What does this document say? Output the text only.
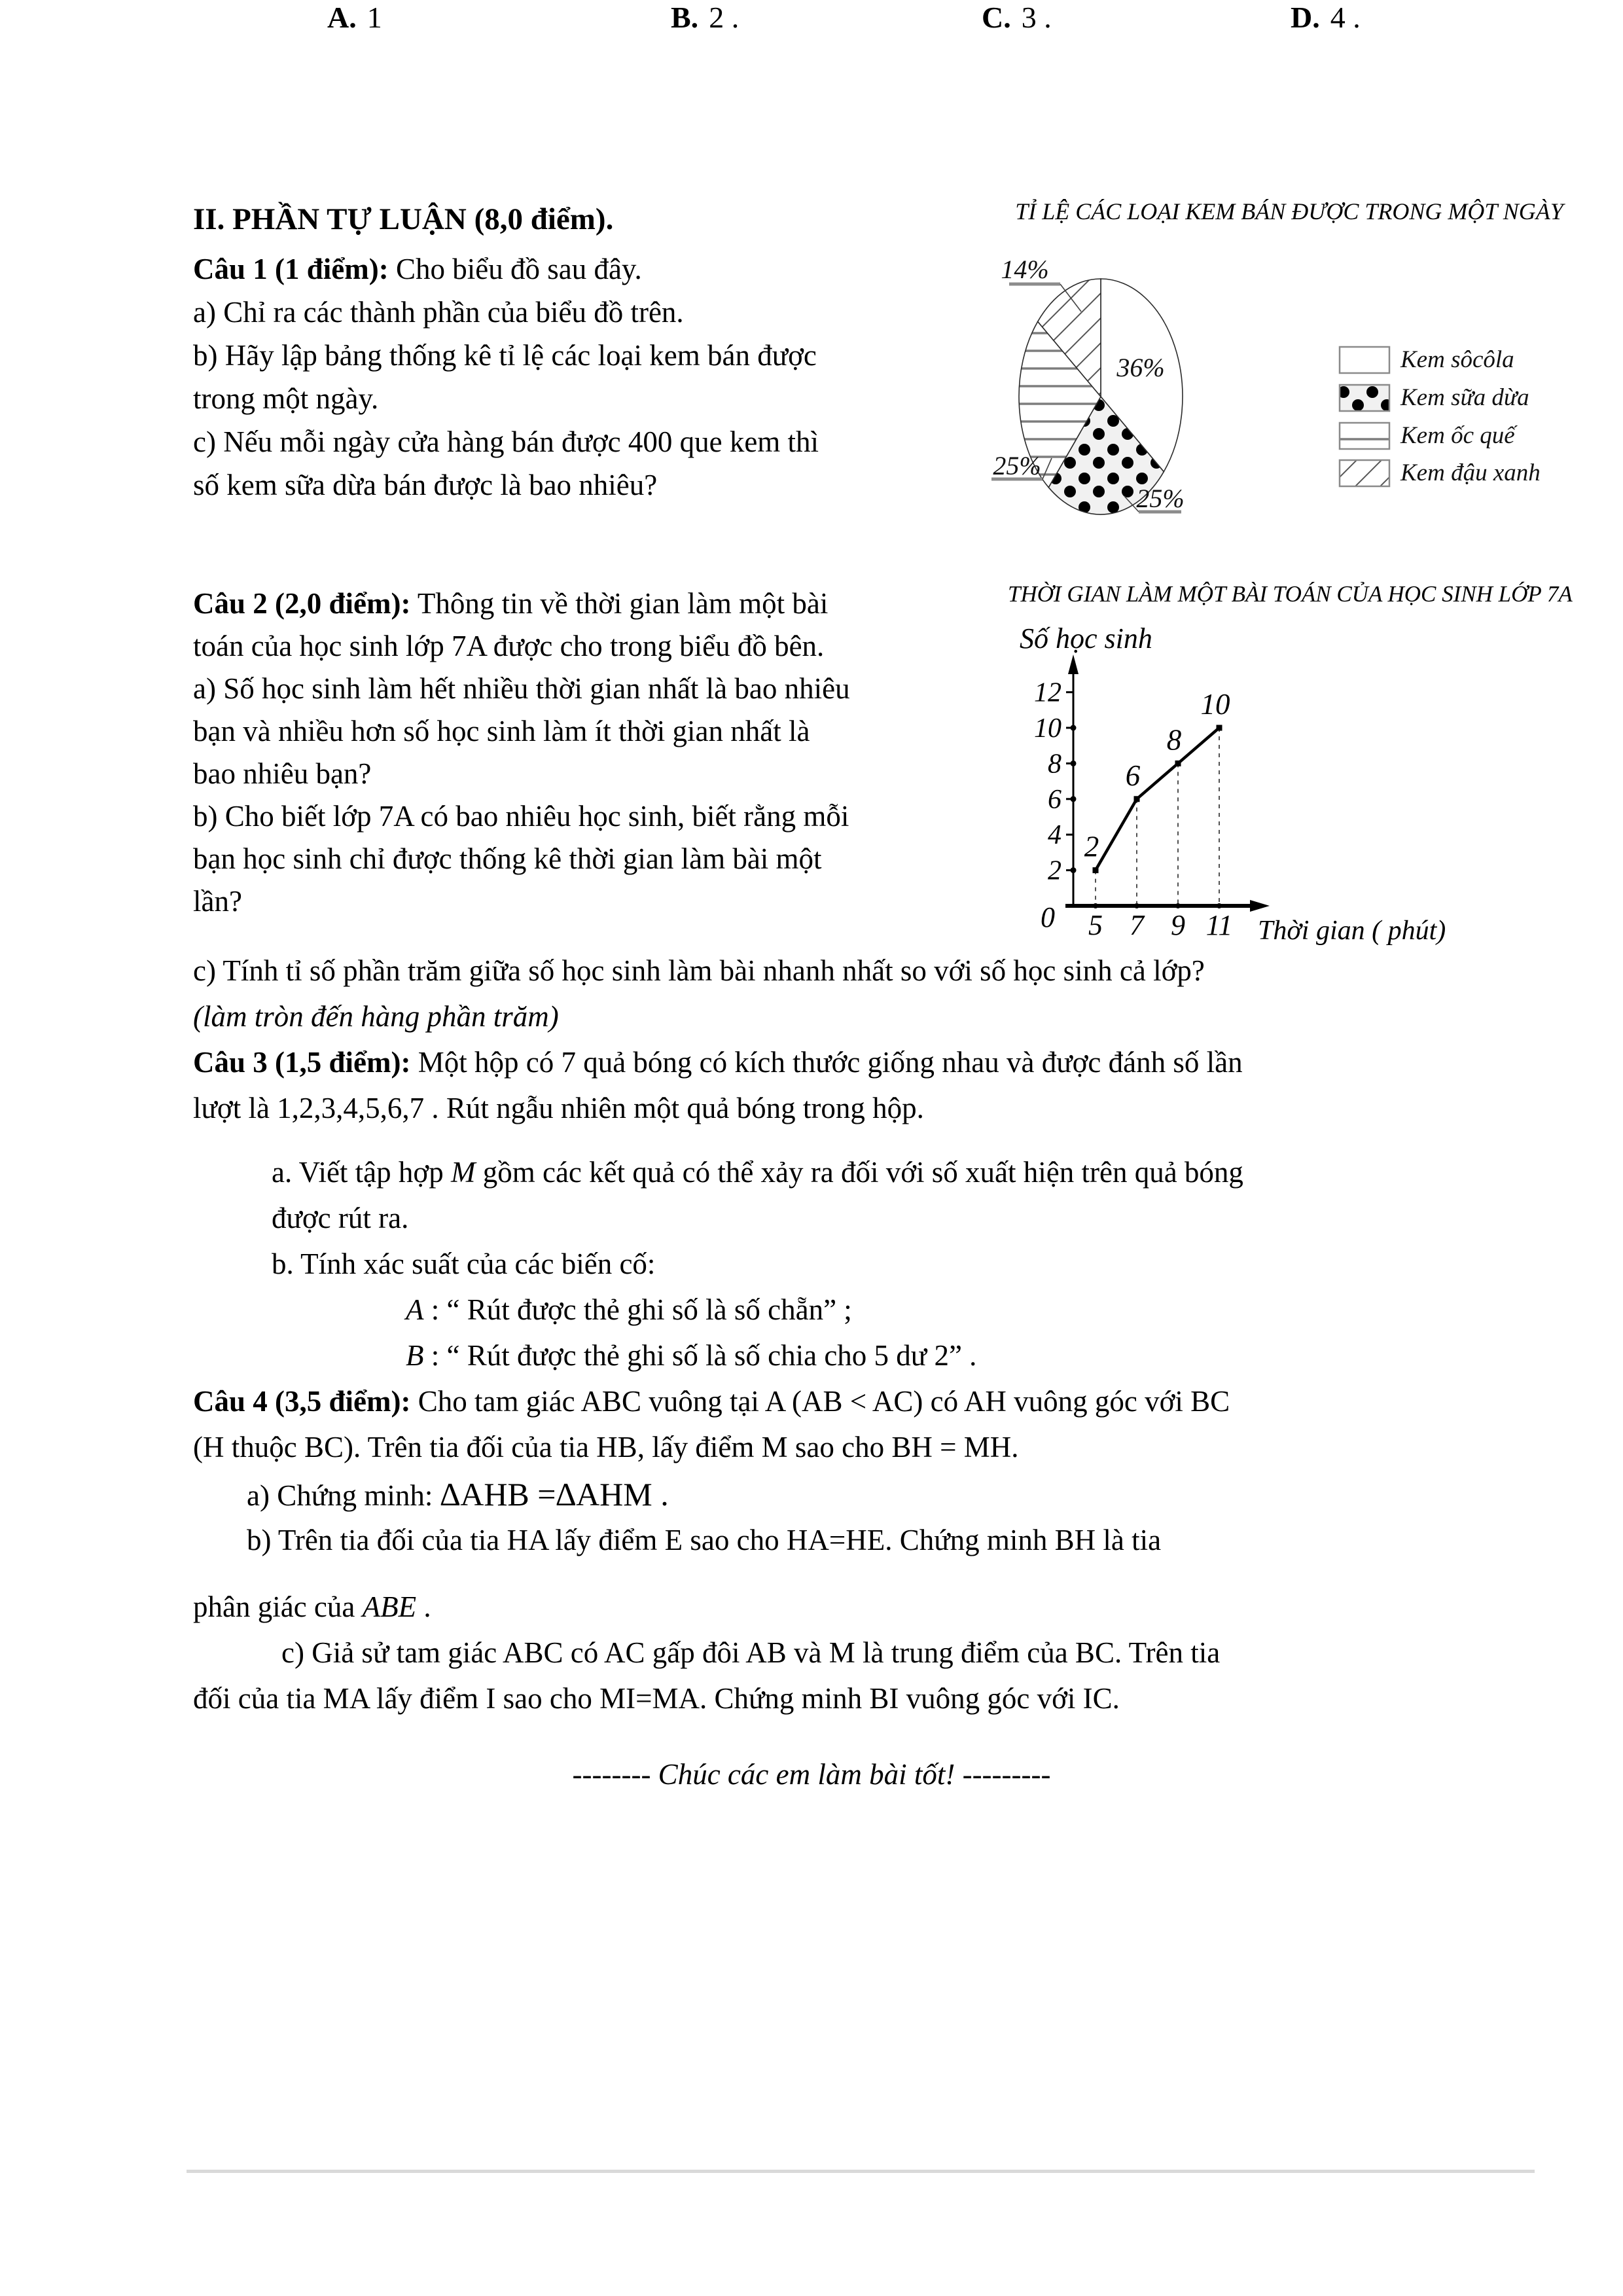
A. 1	B. 2 .	C. 3 .	D. 4 .
II. PHẦN TỰ LUẬN (8,0 điểm).
Câu 1 (1 điểm): Cho biểu đồ sau đây.
a) Chỉ ra các thành phần của biểu đồ trên.
b) Hãy lập bảng thống kê tỉ lệ các loại kem bán được
trong một ngày.
c) Nếu mỗi ngày cửa hàng bán được 400 que kem thì
số kem sữa dừa bán được là bao nhiêu?
TỈ LỆ CÁC LOẠI KEM BÁN ĐƯỢC TRONG MỘT NGÀY
36%
25%
25%
14%
Kem sôcôla
Kem sữa dừa
Kem ốc quế
Kem đậu xanh
Câu 2 (2,0 điểm): Thông tin về thời gian làm một bài
toán của học sinh lớp 7A được cho trong biểu đồ bên.
a) Số học sinh làm hết nhiều thời gian nhất là bao nhiêu
bạn và nhiều hơn số học sinh làm ít thời gian nhất là
bao nhiêu bạn?
b) Cho biết lớp 7A có bao nhiêu học sinh, biết rằng mỗi
bạn học sinh chỉ được thống kê thời gian làm bài một
lần?
THỜI GIAN LÀM MỘT BÀI TOÁN CỦA HỌC SINH LỚP 7A
Số học sinh
2
4
6
8
10
12
0 5 7 9 11
2
6
8
10
Thời gian ( phút)
c) Tính tỉ số phần trăm giữa số học sinh làm bài nhanh nhất so với số học sinh cả lớp?
(làm tròn đến hàng phần trăm)
Câu 3 (1,5 điểm): Một hộp có 7 quả bóng có kích thước giống nhau và được đánh số lần
lượt là 1,2,3,4,5,6,7 . Rút ngẫu nhiên một quả bóng trong hộp.
a. Viết tập hợp M gồm các kết quả có thể xảy ra đối với số xuất hiện trên quả bóng
được rút ra.
b. Tính xác suất của các biến cố:
A : “ Rút được thẻ ghi số là số chẵn” ;
B : “ Rút được thẻ ghi số là số chia cho 5 dư 2” .
Câu 4 (3,5 điểm): Cho tam giác ABC vuông tại A (AB < AC) có AH vuông góc với BC
(H thuộc BC). Trên tia đối của tia HB, lấy điểm M sao cho BH = MH.
a) Chứng minh: ∆AHB =∆AHM .
b) Trên tia đối của tia HA lấy điểm E sao cho HA=HE. Chứng minh BH là tia
phân giác của ABE .
c) Giả sử tam giác ABC có AC gấp đôi AB và M là trung điểm của BC. Trên tia
đối của tia MA lấy điểm I sao cho MI=MA. Chứng minh BI vuông góc với IC.
-------- Chúc các em làm bài tốt! ---------
